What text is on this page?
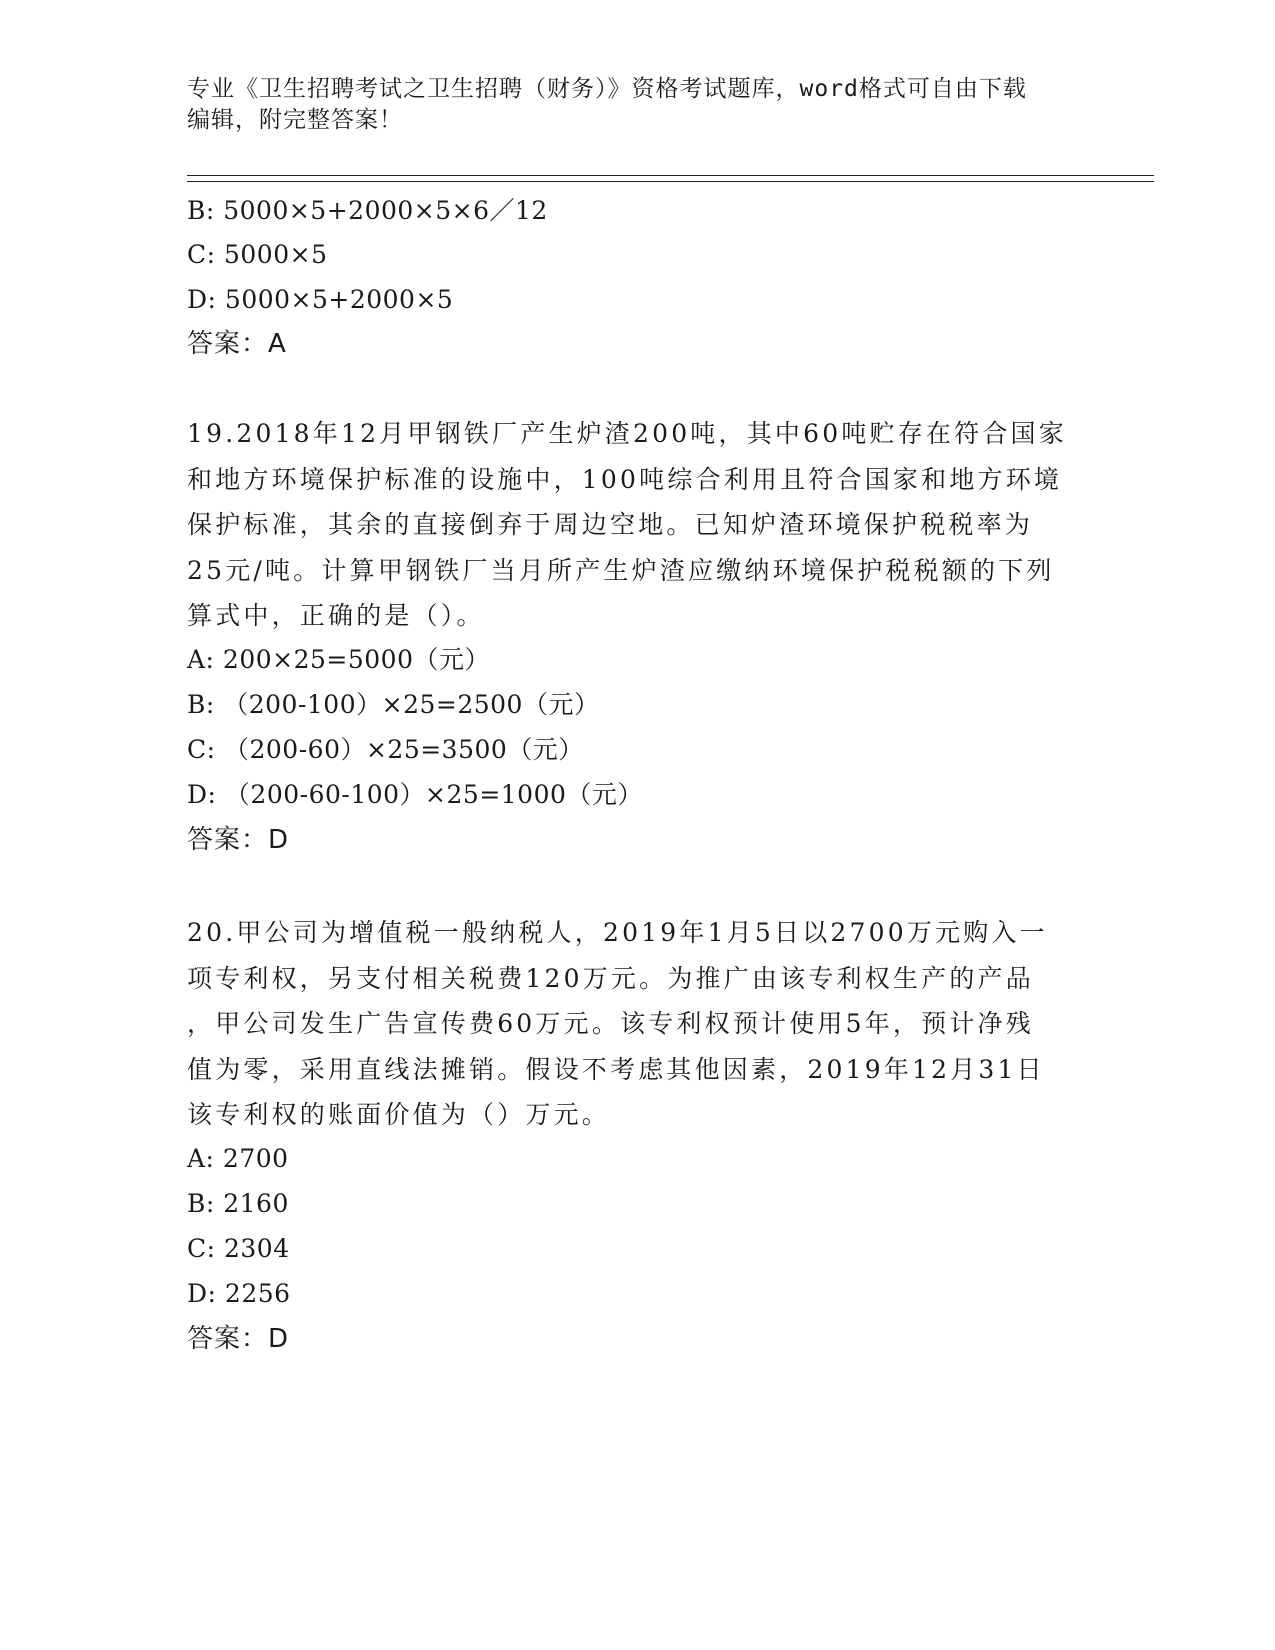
专业《卫生招聘考试之卫生招聘（财务）》资格考试题库，word格式可自由下载
编辑，附完整答案！
B: 5000×5+2000×5×6／12
C: 5000×5
D: 5000×5+2000×5
答案：A
19.2018年12月甲钢铁厂产生炉渣200吨，其中60吨贮存在符合国家
和地方环境保护标准的设施中，100吨综合利用且符合国家和地方环境
保护标准，其余的直接倒弃于周边空地。已知炉渣环境保护税税率为
25元/吨。计算甲钢铁厂当月所产生炉渣应缴纳环境保护税税额的下列
算式中，正确的是（）。
A: 200×25=5000（元）
B: （200-100）×25=2500（元）
C: （200-60）×25=3500（元）
D: （200-60-100）×25=1000（元）
答案：D
20.甲公司为增值税一般纳税人，2019年1月5日以2700万元购入一
项专利权，另支付相关税费120万元。为推广由该专利权生产的产品
，甲公司发生广告宣传费60万元。该专利权预计使用5年，预计净残
值为零，采用直线法摊销。假设不考虑其他因素，2019年12月31日
该专利权的账面价值为（）万元。
A: 2700
B: 2160
C: 2304
D: 2256
答案：D
